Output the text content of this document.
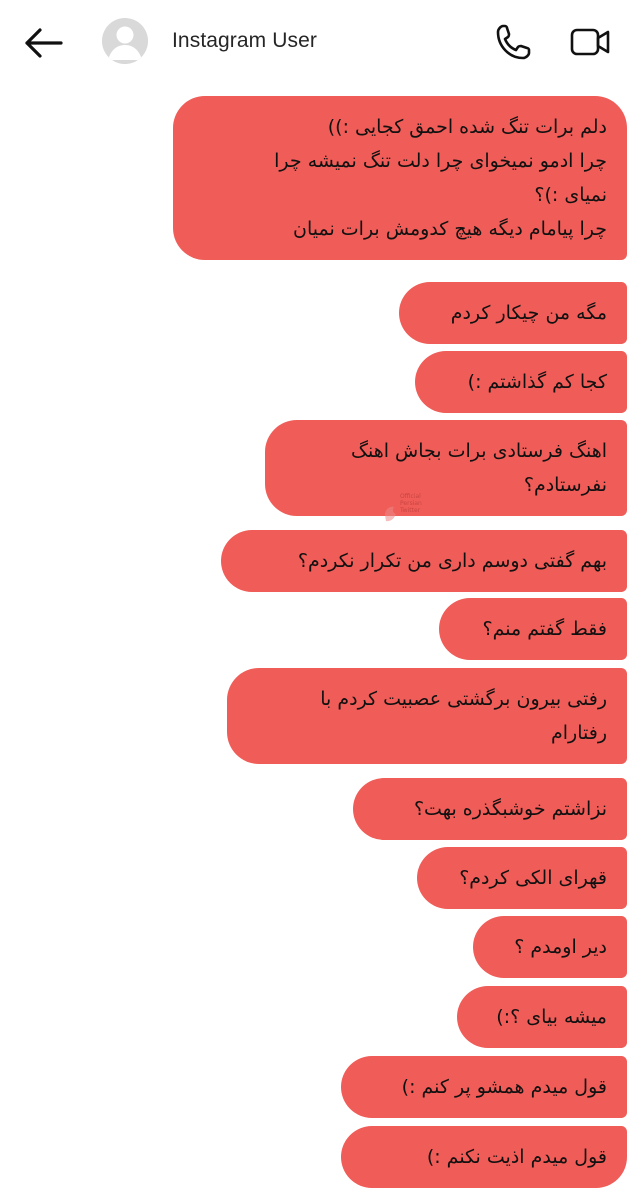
Instagram User
دلم برات تنگ شده احمق کجایی :))
چرا ادمو نمیخوای چرا دلت تنگ نمیشه چرا
نمیای :)؟
چرا پیامام دیگه هیچ کدومش برات نمیان
مگه من چیکار کردم
کجا کم گذاشتم :)
اهنگ فرستادی برات بجاش اهنگ
نفرستادم؟
بهم گفتی دوسم داری من تکرار نکردم؟
فقط گفتم منم؟
رفتی بیرون برگشتی عصبیت کردم با
رفتارام
نزاشتم خوشبگذره بهت؟
قهرای الکی کردم؟
دیر اومدم ؟
میشه بیای ؟:)
قول میدم همشو پر کنم :)
قول میدم اذیت نکنم :)
Official
Persian
Twitter
